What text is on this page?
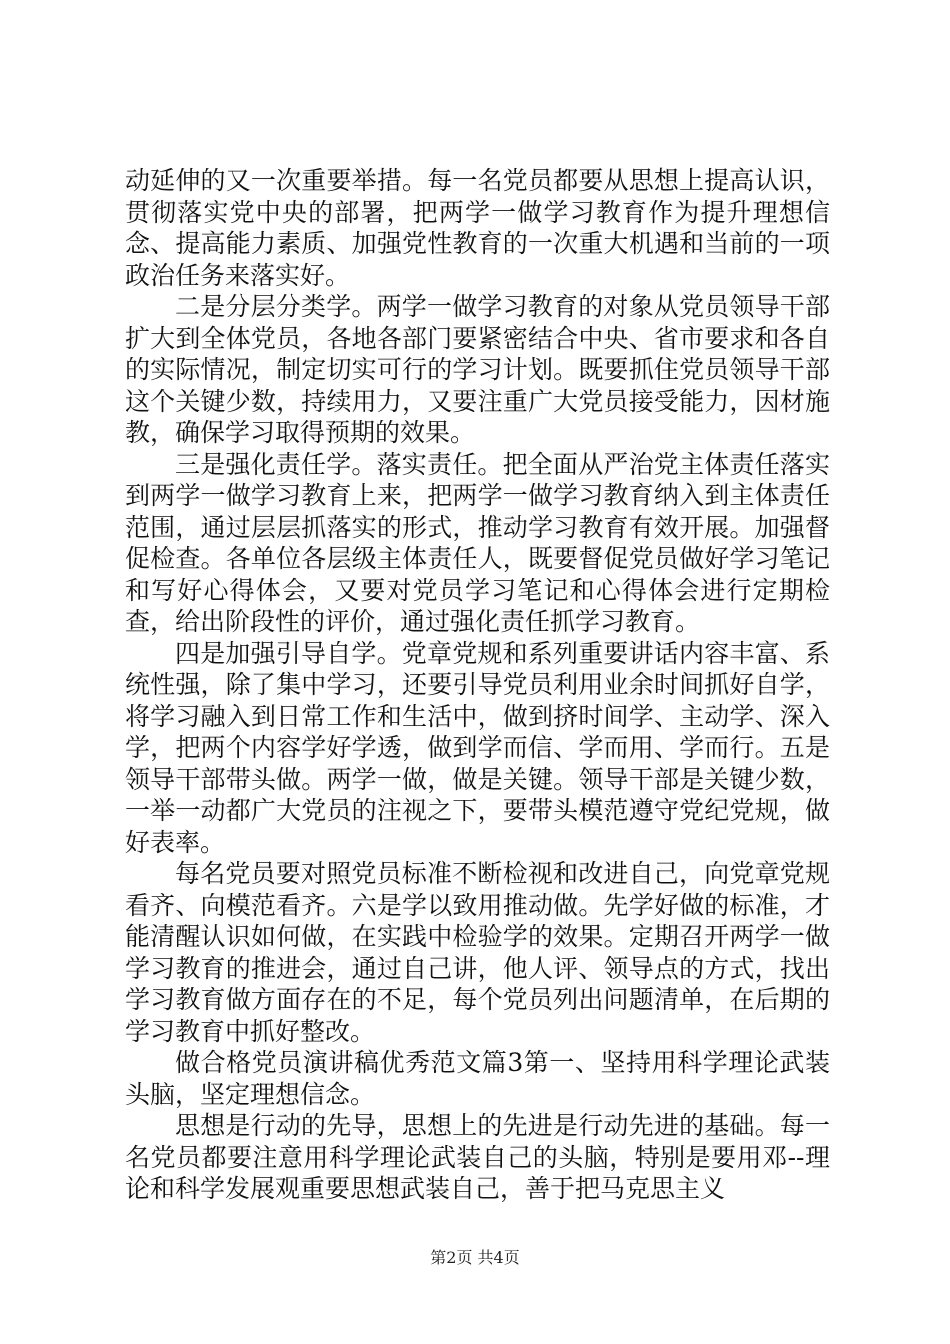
动延伸的又一次重要举措。每一名党员都要从思想上提高认识，贯彻落实党中央的部署，把两学一做学习教育作为提升理想信念、提高能力素质、加强党性教育的一次重大机遇和当前的一项政治任务来落实好。

二是分层分类学。两学一做学习教育的对象从党员领导干部扩大到全体党员，各地各部门要紧密结合中央、省市要求和各自的实际情况，制定切实可行的学习计划。既要抓住党员领导干部这个关键少数，持续用力，又要注重广大党员接受能力，因材施教，确保学习取得预期的效果。

三是强化责任学。落实责任。把全面从严治党主体责任落实到两学一做学习教育上来，把两学一做学习教育纳入到主体责任范围，通过层层抓落实的形式，推动学习教育有效开展。加强督促检查。各单位各层级主体责任人，既要督促党员做好学习笔记和写好心得体会，又要对党员学习笔记和心得体会进行定期检查，给出阶段性的评价，通过强化责任抓学习教育。

四是加强引导自学。党章党规和系列重要讲话内容丰富、系统性强，除了集中学习，还要引导党员利用业余时间抓好自学，将学习融入到日常工作和生活中，做到挤时间学、主动学、深入学，把两个内容学好学透，做到学而信、学而用、学而行。五是领导干部带头做。两学一做，做是关键。领导干部是关键少数，一举一动都广大党员的注视之下，要带头模范遵守党纪党规，做好表率。

每名党员要对照党员标准不断检视和改进自己，向党章党规看齐、向模范看齐。六是学以致用推动做。先学好做的标准，才能清醒认识如何做，在实践中检验学的效果。定期召开两学一做学习教育的推进会，通过自己讲，他人评、领导点的方式，找出学习教育做方面存在的不足，每个党员列出问题清单，在后期的学习教育中抓好整改。

做合格党员演讲稿优秀范文篇3第一、坚持用科学理论武装头脑，坚定理想信念。

思想是行动的先导，思想上的先进是行动先进的基础。每一名党员都要注意用科学理论武装自己的头脑，特别是要用邓--理论和科学发展观重要思想武装自己，善于把马克思主义

第2页 共4页
